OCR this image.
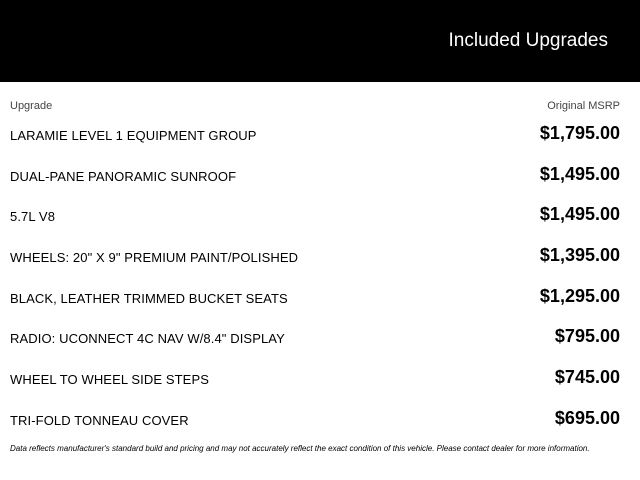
Included Upgrades
Upgrade	Original MSRP
LARAMIE LEVEL 1 EQUIPMENT GROUP	$1,795.00
DUAL-PANE PANORAMIC SUNROOF	$1,495.00
5.7L V8	$1,495.00
WHEELS: 20" X 9" PREMIUM PAINT/POLISHED	$1,395.00
BLACK, LEATHER TRIMMED BUCKET SEATS	$1,295.00
RADIO: UCONNECT 4C NAV W/8.4" DISPLAY	$795.00
WHEEL TO WHEEL SIDE STEPS	$745.00
TRI-FOLD TONNEAU COVER	$695.00
Data reflects manufacturer's standard build and pricing and may not accurately reflect the exact condition of this vehicle. Please contact dealer for more information.
